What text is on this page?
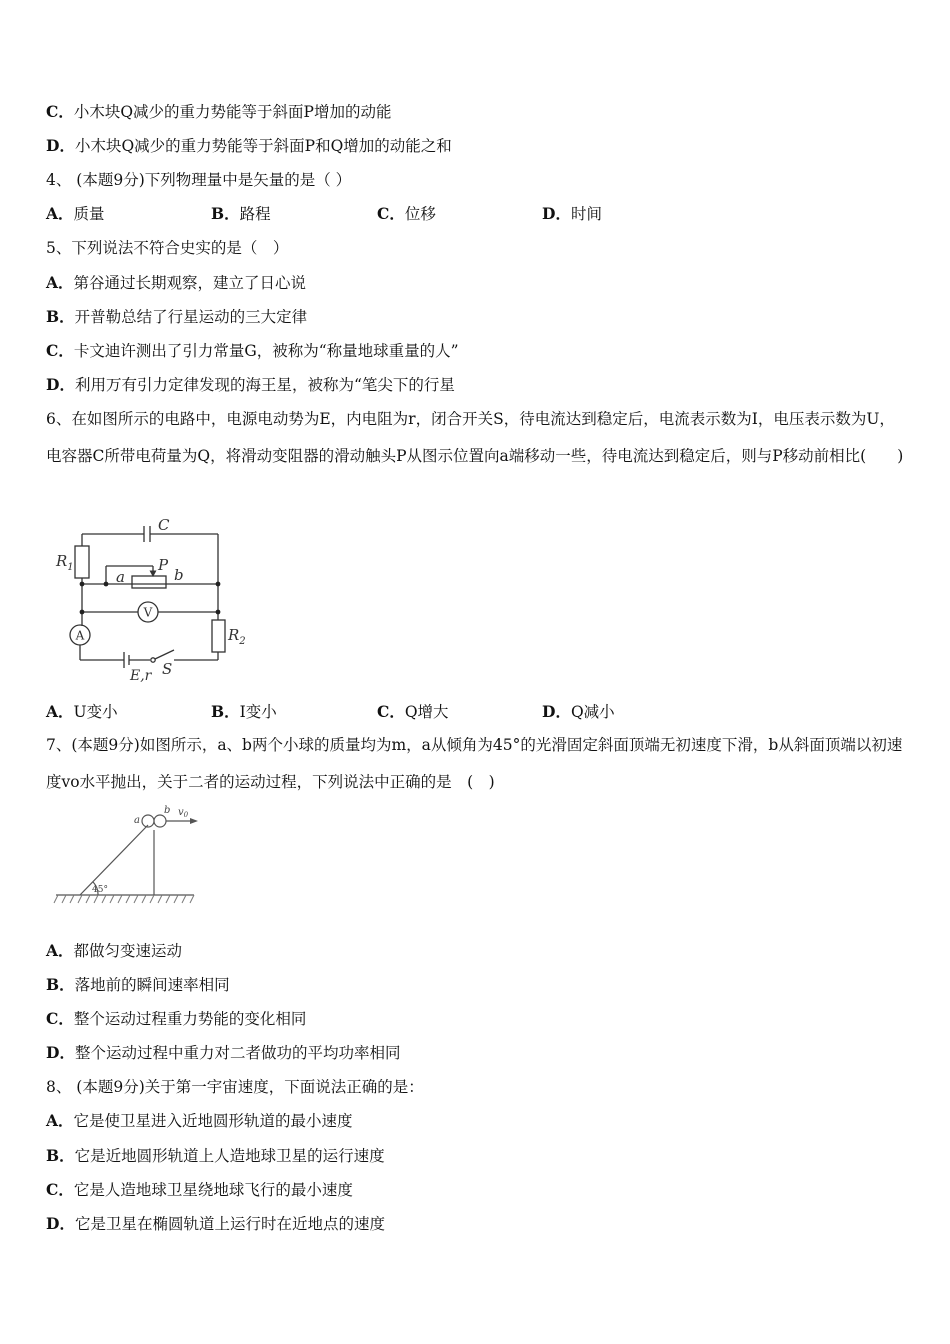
C．小木块Q减少的重力势能等于斜面P增加的动能
D．小木块Q减少的重力势能等于斜面P和Q增加的动能之和
4、 (本题9分)下列物理量中是矢量的是（ ）
A．质量	B．路程	C．位移	D．时间
5、下列说法不符合史实的是（　）
A．第谷通过长期观察，建立了日心说
B．开普勒总结了行星运动的三大定律
C．卡文迪许测出了引力常量G，被称为“称量地球重量的人”
D．利用万有引力定律发现的海王星，被称为“笔尖下的行星
6、在如图所示的电路中，电源电动势为E，内电阻为r，闭合开关S，待电流达到稳定后，电流表示数为I，电压表示数为U，电容器C所带电荷量为Q，将滑动变阻器的滑动触头P从图示位置向a端移动一些，待电流达到稳定后，则与P移动前相比(　　)
C
$R_1$
a
P
b
$R_2$
E,r S
V
A
A．U变小	B．I变小	C．Q增大	D．Q减小
7、(本题9分)如图所示，a、b两个小球的质量均为m，a从倾角为45°的光滑固定斜面顶端无初速度下滑，b从斜面顶端以初速度vo水平抛出，关于二者的运动过程，下列说法中正确的是　(　)
a
b $v_0$
45°
A．都做匀变速运动
B．落地前的瞬间速率相同
C．整个运动过程重力势能的变化相同
D．整个运动过程中重力对二者做功的平均功率相同
8、 (本题9分)关于第一宇宙速度，下面说法正确的是：
A．它是使卫星进入近地圆形轨道的最小速度
B．它是近地圆形轨道上人造地球卫星的运行速度
C．它是人造地球卫星绕地球飞行的最小速度
D．它是卫星在椭圆轨道上运行时在近地点的速度
